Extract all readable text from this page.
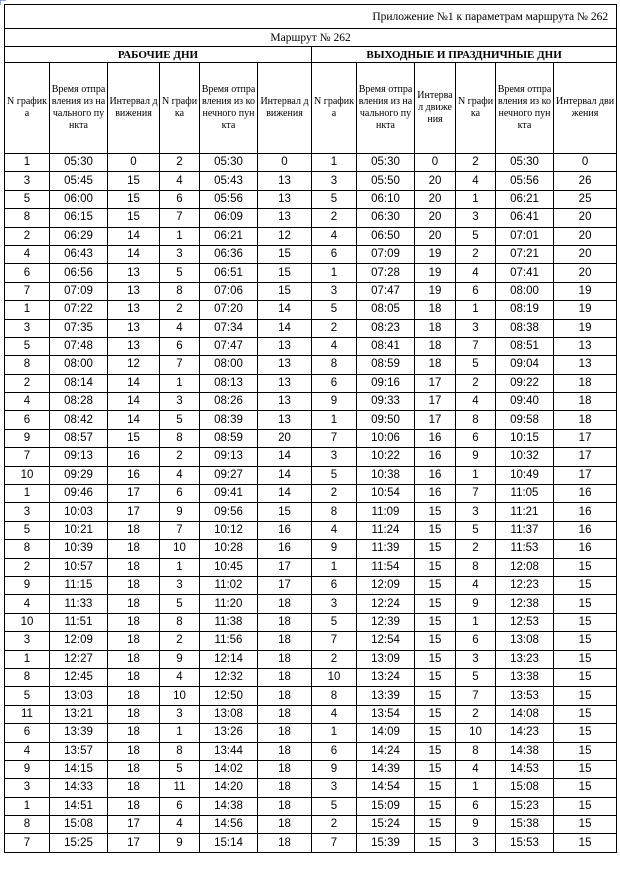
Приложение №1 к параметрам маршрута № 262											
Маршрут № 262											
РАБОЧИЕ ДНИ						ВЫХОДНЫЕ И ПРАЗДНИЧНЫЕ ДНИ					
N графика	Время отправления из начального пункта	Интервал движения	N графика	Время отправления из конечного пункта	Интервал движения	N графика	Время отправления из начального пункта	Интервал движения	N графика	Время отправления из конечного пункта	Интервал движения
1	05:30	0	2	05:30	0	1	05:30	0	2	05:30	0
3	05:45	15	4	05:43	13	3	05:50	20	4	05:56	26
5	06:00	15	6	05:56	13	5	06:10	20	1	06:21	25
8	06:15	15	7	06:09	13	2	06:30	20	3	06:41	20
2	06:29	14	1	06:21	12	4	06:50	20	5	07:01	20
4	06:43	14	3	06:36	15	6	07:09	19	2	07:21	20
6	06:56	13	5	06:51	15	1	07:28	19	4	07:41	20
7	07:09	13	8	07:06	15	3	07:47	19	6	08:00	19
1	07:22	13	2	07:20	14	5	08:05	18	1	08:19	19
3	07:35	13	4	07:34	14	2	08:23	18	3	08:38	19
5	07:48	13	6	07:47	13	4	08:41	18	7	08:51	13
8	08:00	12	7	08:00	13	8	08:59	18	5	09:04	13
2	08:14	14	1	08:13	13	6	09:16	17	2	09:22	18
4	08:28	14	3	08:26	13	9	09:33	17	4	09:40	18
6	08:42	14	5	08:39	13	1	09:50	17	8	09:58	18
9	08:57	15	8	08:59	20	7	10:06	16	6	10:15	17
7	09:13	16	2	09:13	14	3	10:22	16	9	10:32	17
10	09:29	16	4	09:27	14	5	10:38	16	1	10:49	17
1	09:46	17	6	09:41	14	2	10:54	16	7	11:05	16
3	10:03	17	9	09:56	15	8	11:09	15	3	11:21	16
5	10:21	18	7	10:12	16	4	11:24	15	5	11:37	16
8	10:39	18	10	10:28	16	9	11:39	15	2	11:53	16
2	10:57	18	1	10:45	17	1	11:54	15	8	12:08	15
9	11:15	18	3	11:02	17	6	12:09	15	4	12:23	15
4	11:33	18	5	11:20	18	3	12:24	15	9	12:38	15
10	11:51	18	8	11:38	18	5	12:39	15	1	12:53	15
3	12:09	18	2	11:56	18	7	12:54	15	6	13:08	15
1	12:27	18	9	12:14	18	2	13:09	15	3	13:23	15
8	12:45	18	4	12:32	18	10	13:24	15	5	13:38	15
5	13:03	18	10	12:50	18	8	13:39	15	7	13:53	15
11	13:21	18	3	13:08	18	4	13:54	15	2	14:08	15
6	13:39	18	1	13:26	18	1	14:09	15	10	14:23	15
4	13:57	18	8	13:44	18	6	14:24	15	8	14:38	15
9	14:15	18	5	14:02	18	9	14:39	15	4	14:53	15
3	14:33	18	11	14:20	18	3	14:54	15	1	15:08	15
1	14:51	18	6	14:38	18	5	15:09	15	6	15:23	15
8	15:08	17	4	14:56	18	2	15:24	15	9	15:38	15
7	15:25	17	9	15:14	18	7	15:39	15	3	15:53	15
